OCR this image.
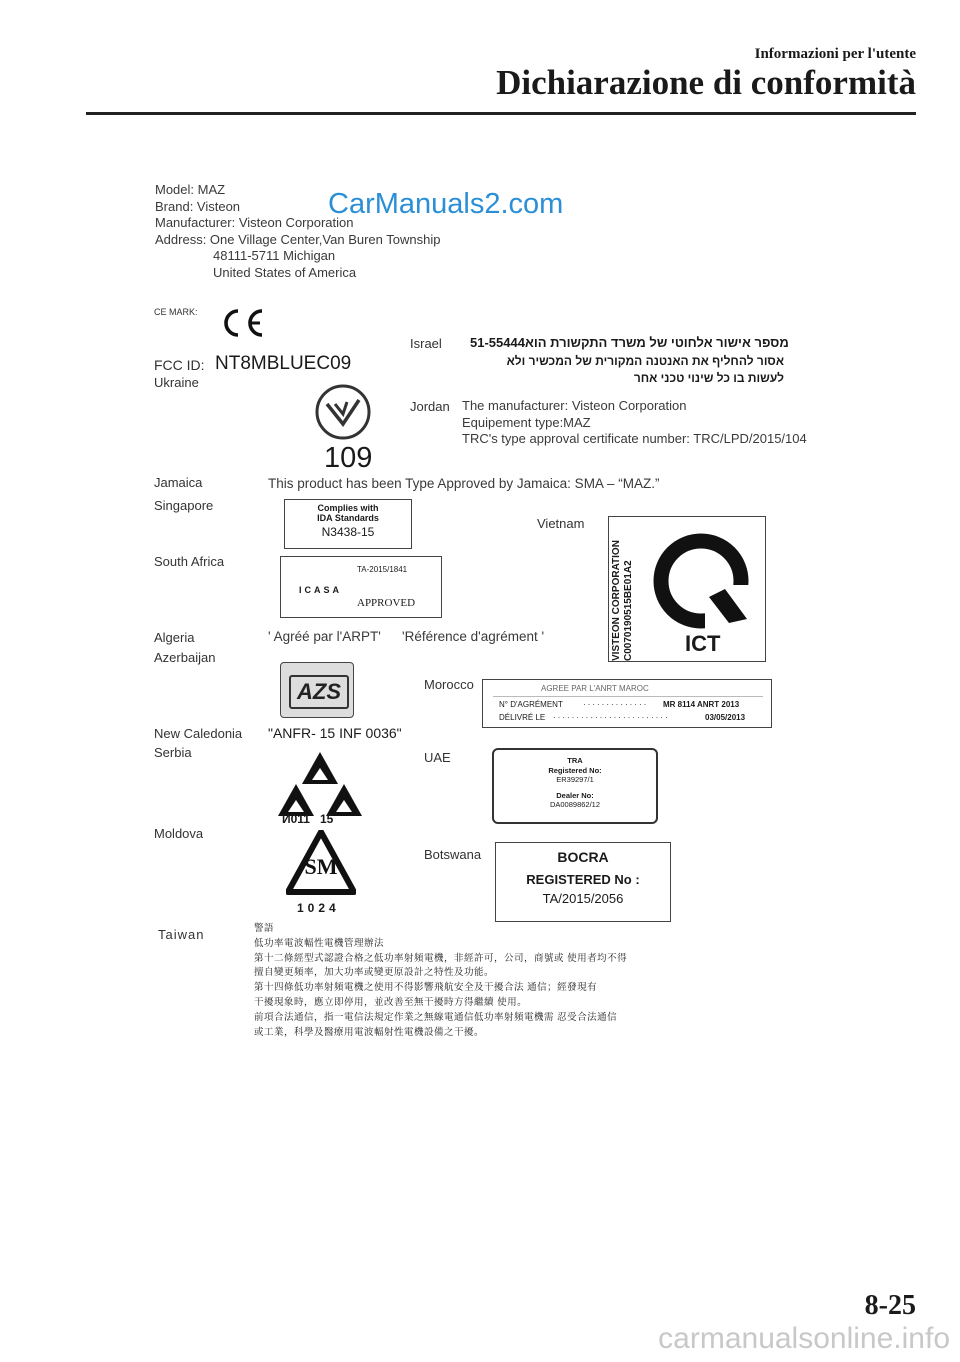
Informazioni per l'utente
Dichiarazione di conformità
Model: MAZ
Brand: Visteon
Manufacturer: Visteon Corporation
Address: One Village Center,Van Buren Township
48111-5711 Michigan
United States of America
CarManuals2.com
CE MARK:
FCC ID: NT8MBLUEC09
Ukraine
109
Israel 51-55444 מספר אישור אלחוטי של משרד התקשורת הוא
אסור להחליף את האנטנה המקורית של המכשיר ולא
לעשות בו כל שינוי טכני אחר
Jordan The manufacturer: Visteon Corporation
Equipement type:MAZ
TRC's type approval certificate number: TRC/LPD/2015/104
Jamaica	This product has been Type Approved by Jamaica: SMA – “MAZ.”
Singapore	Complies with
IDA Standards
N3438-15
Vietnam
VISTEON CORPORATION C0070190515BE01A2 ICT
South Africa
TA-2015/1841
ICASA
APPROVED
Algeria	' Agréé par l'ARPT' 'Référence d'agrément '
Azerbaijan
AZS	Morocco	AGREE PAR L'ANRT MAROC
N° D'AGRÉMENT	·············· MR 8114 ANRT 2013
DÉLIVRÉ LE ·························	03/05/2013
New Caledonia "ANFR- 15 INF 0036"
Serbia
И011   15
UAE	TRA
Registered No:
ER39297/1
Dealer No:
DA0089862/12
Moldova
SM
1024
Botswana	BOCRA
REGISTERED No :
TA/2015/2056
Taiwan	警語
低功率電波輻性電機管理辦法
第十二條經型式認證合格之低功率射頻電機，非經許可，公司，商號或 使用者均不得
擅自變更頻率，加大功率或變更原設計之特性及功能。
第十四條低功率射頻電機之使用不得影響飛航安全及干擾合法 通信；經發現有
干擾現象時，應立即停用，並改善至無干擾時方得繼續 使用。
前項合法通信，指一電信法規定作業之無線電通信低功率射頻電機需 忍受合法通信
或工業，科學及醫療用電波輻射性電機設備之干擾。
8-25
carmanualsonline.info
